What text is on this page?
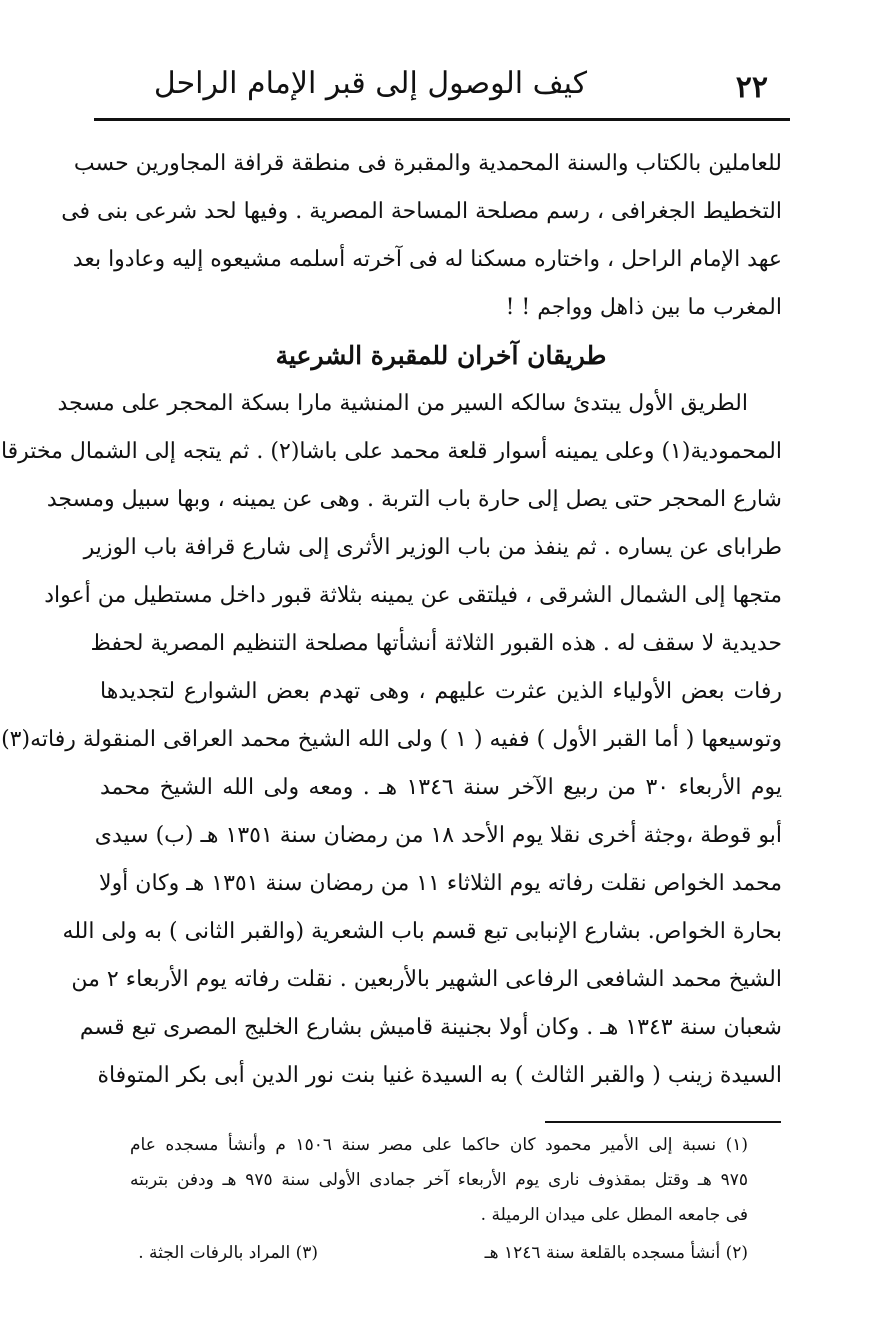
٢٢
كيف الوصول إلى قبر الإمام الراحل
للعاملين بالكتاب والسنة المحمدية والمقبرة فى منطقة قرافة المجاورين حسب
التخطيط الجغرافى ، رسم مصلحة المساحة المصرية . وفيها لحد شرعى بنى فى
عهد الإمام الراحل ، واختاره مسكنا له فى آخرته أسلمه مشيعوه إليه وعادوا بعد
المغرب ما بين ذاهل وواجم ! !
طريقان آخران للمقبرة الشرعية
الطريق الأول يبتدئ سالكه السير من المنشية مارا بسكة المحجر على مسجد
المحمودية(١) وعلى يمينه أسوار قلعة محمد على باشا(٢) . ثم يتجه إلى الشمال مخترقا
شارع المحجر حتى يصل إلى حارة باب التربة . وهى عن يمينه ، وبها سبيل ومسجد
طراباى عن يساره . ثم ينفذ من باب الوزير الأثرى إلى شارع قرافة باب الوزير
متجها إلى الشمال الشرقى ، فيلتقى عن يمينه بثلاثة قبور داخل مستطيل من أعواد
حديدية لا سقف له . هذه القبور الثلاثة أنشأتها مصلحة التنظيم المصرية لحفظ
رفات بعض الأولياء الذين عثرت عليهم ، وهى تهدم بعض الشوارع لتجديدها
وتوسيعها ( أما القبر الأول ) ففيه ( ١ ) ولى الله الشيخ محمد العراقى المنقولة رفاته(٣)
يوم الأربعاء ٣٠ من ربيع الآخر سنة ١٣٤٦ هـ . ومعه ولى الله الشيخ محمد
أبو قوطة ،وجثة أخرى نقلا يوم الأحد ١٨ من رمضان سنة ١٣٥١ هـ (ب) سيدى
محمد الخواص نقلت رفاته يوم الثلاثاء ١١ من رمضان سنة ١٣٥١ هـ وكان أولا
بحارة الخواص. بشارع الإنبابى تبع قسم باب الشعرية (والقبر الثانى ) به ولى الله
الشيخ محمد الشافعى الرفاعى الشهير بالأربعين . نقلت رفاته يوم الأربعاء ٢ من
شعبان سنة ١٣٤٣ هـ . وكان أولا بجنينة قاميش بشارع الخليج المصرى تبع قسم
السيدة زينب ( والقبر الثالث ) به السيدة غنيا بنت نور الدين أبى بكر المتوفاة
(١) نسبة إلى الأمير محمود كان حاكما على مصر سنة ١٥٠٦ م وأنشأ مسجده عام
٩٧٥ هـ وقتل بمقذوف نارى يوم الأربعاء آخر جمادى الأولى سنة ٩٧٥ هـ ودفن بتربته
فى جامعه المطل على ميدان الرميلة .
(٢) أنشأ مسجده بالقلعة سنة ١٢٤٦ هـ
(٣) المراد بالرفات الجثة .
